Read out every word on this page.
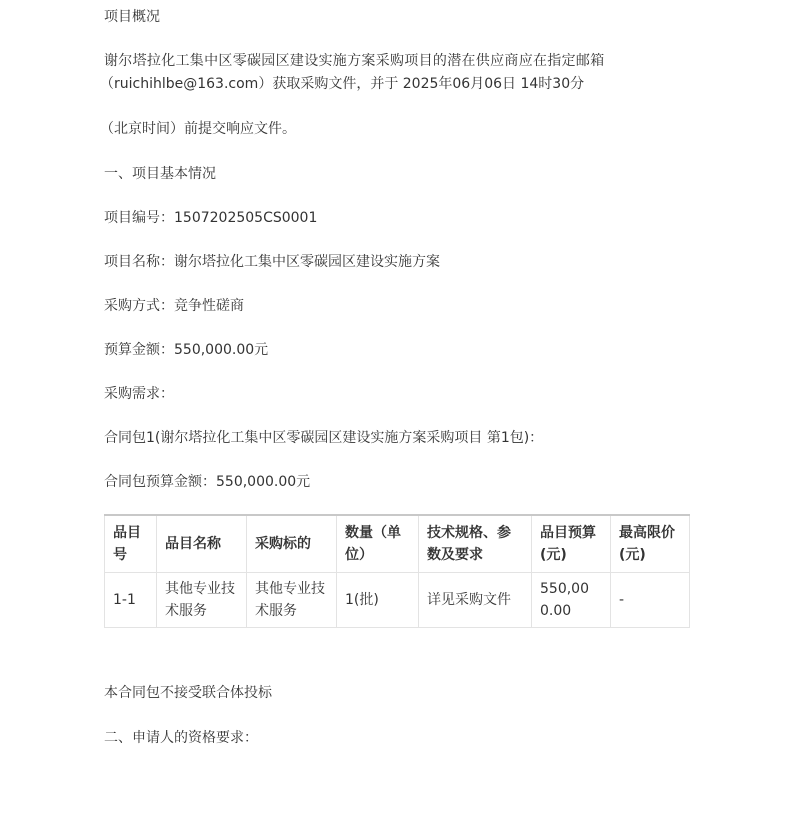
项目概况
谢尔塔拉化工集中区零碳园区建设实施方案采购项目的潜在供应商应在指定邮箱
（ruichihlbe@163.com）获取采购文件，并于 2025年06月06日 14时30分
（北京时间）前提交响应文件。
一、项目基本情况
项目编号：1507202505CS0001
项目名称：谢尔塔拉化工集中区零碳园区建设实施方案
采购方式：竞争性磋商
预算金额：550,000.00元
采购需求：
合同包1(谢尔塔拉化工集中区零碳园区建设实施方案采购项目 第1包)：
合同包预算金额：550,000.00元
品目号	品目名称	采购标的	数量（单位）	技术规格、参数及要求	品目预算(元)	最高限价(元)
1-1	其他专业技术服务	其他专业技术服务	1(批)	详见采购文件	550,000.00	-
本合同包不接受联合体投标
二、申请人的资格要求：
